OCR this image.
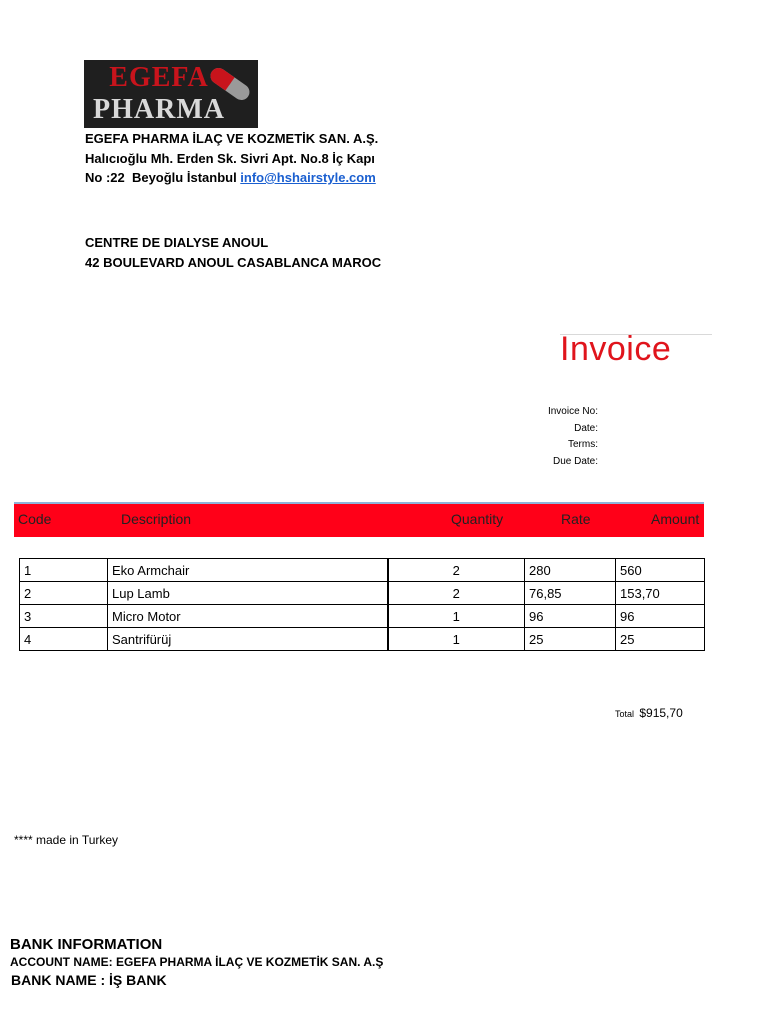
EGEFA
PHARMA
EGEFA PHARMA İLAÇ VE KOZMETİK SAN. A.Ş.
Halıcıoğlu Mh. Erden Sk. Sivri Apt. No.8 İç Kapı
No :22  Beyoğlu İstanbul info@hshairstyle.com
CENTRE DE DIALYSE ANOUL
42 BOULEVARD ANOUL CASABLANCA MAROC
Invoice
Invoice No:
Date:
Terms:
Due Date:
Code	Description	Quantity	Rate	Amount
1	Eko Armchair	2	280	560
2	Lup Lamb	2	76,85	153,70
3	Micro Motor	1	96	96
4	Santrifürüj	1	25	25
Total $915,70
**** made in Turkey
BANK INFORMATION
ACCOUNT NAME: EGEFA PHARMA İLAÇ VE KOZMETİK SAN. A.Ş
BANK NAME : İŞ BANK
